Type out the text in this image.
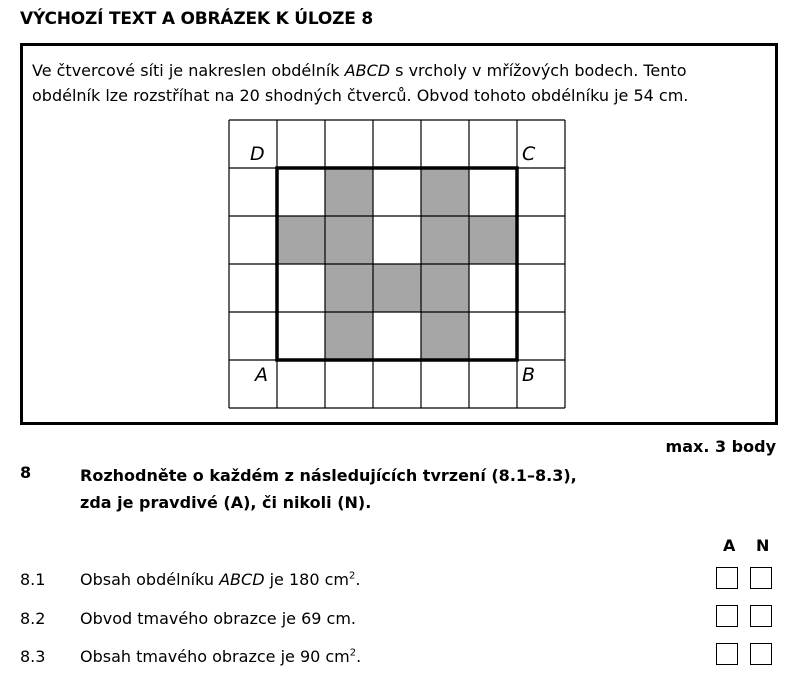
VÝCHOZÍ TEXT A OBRÁZEK K ÚLOZE 8
Ve čtvercové síti je nakreslen obdélník ABCD s vrcholy v mřížových bodech. Tento
obdélník lze rozstříhat na 20 shodných čtverců. Obvod tohoto obdélníku je 54 cm.
D	C
A	B
max. 3 body
8	Rozhodněte o každém z následujících tvrzení (8.1–8.3),
zda je pravdivé (A), či nikoli (N).
A N
8.1 Obsah obdélníku ABCD je 180 $cm^2$.
8.2 Obvod tmavého obrazce je 69 cm.
8.3 Obsah tmavého obrazce je 90 $cm^2$.
